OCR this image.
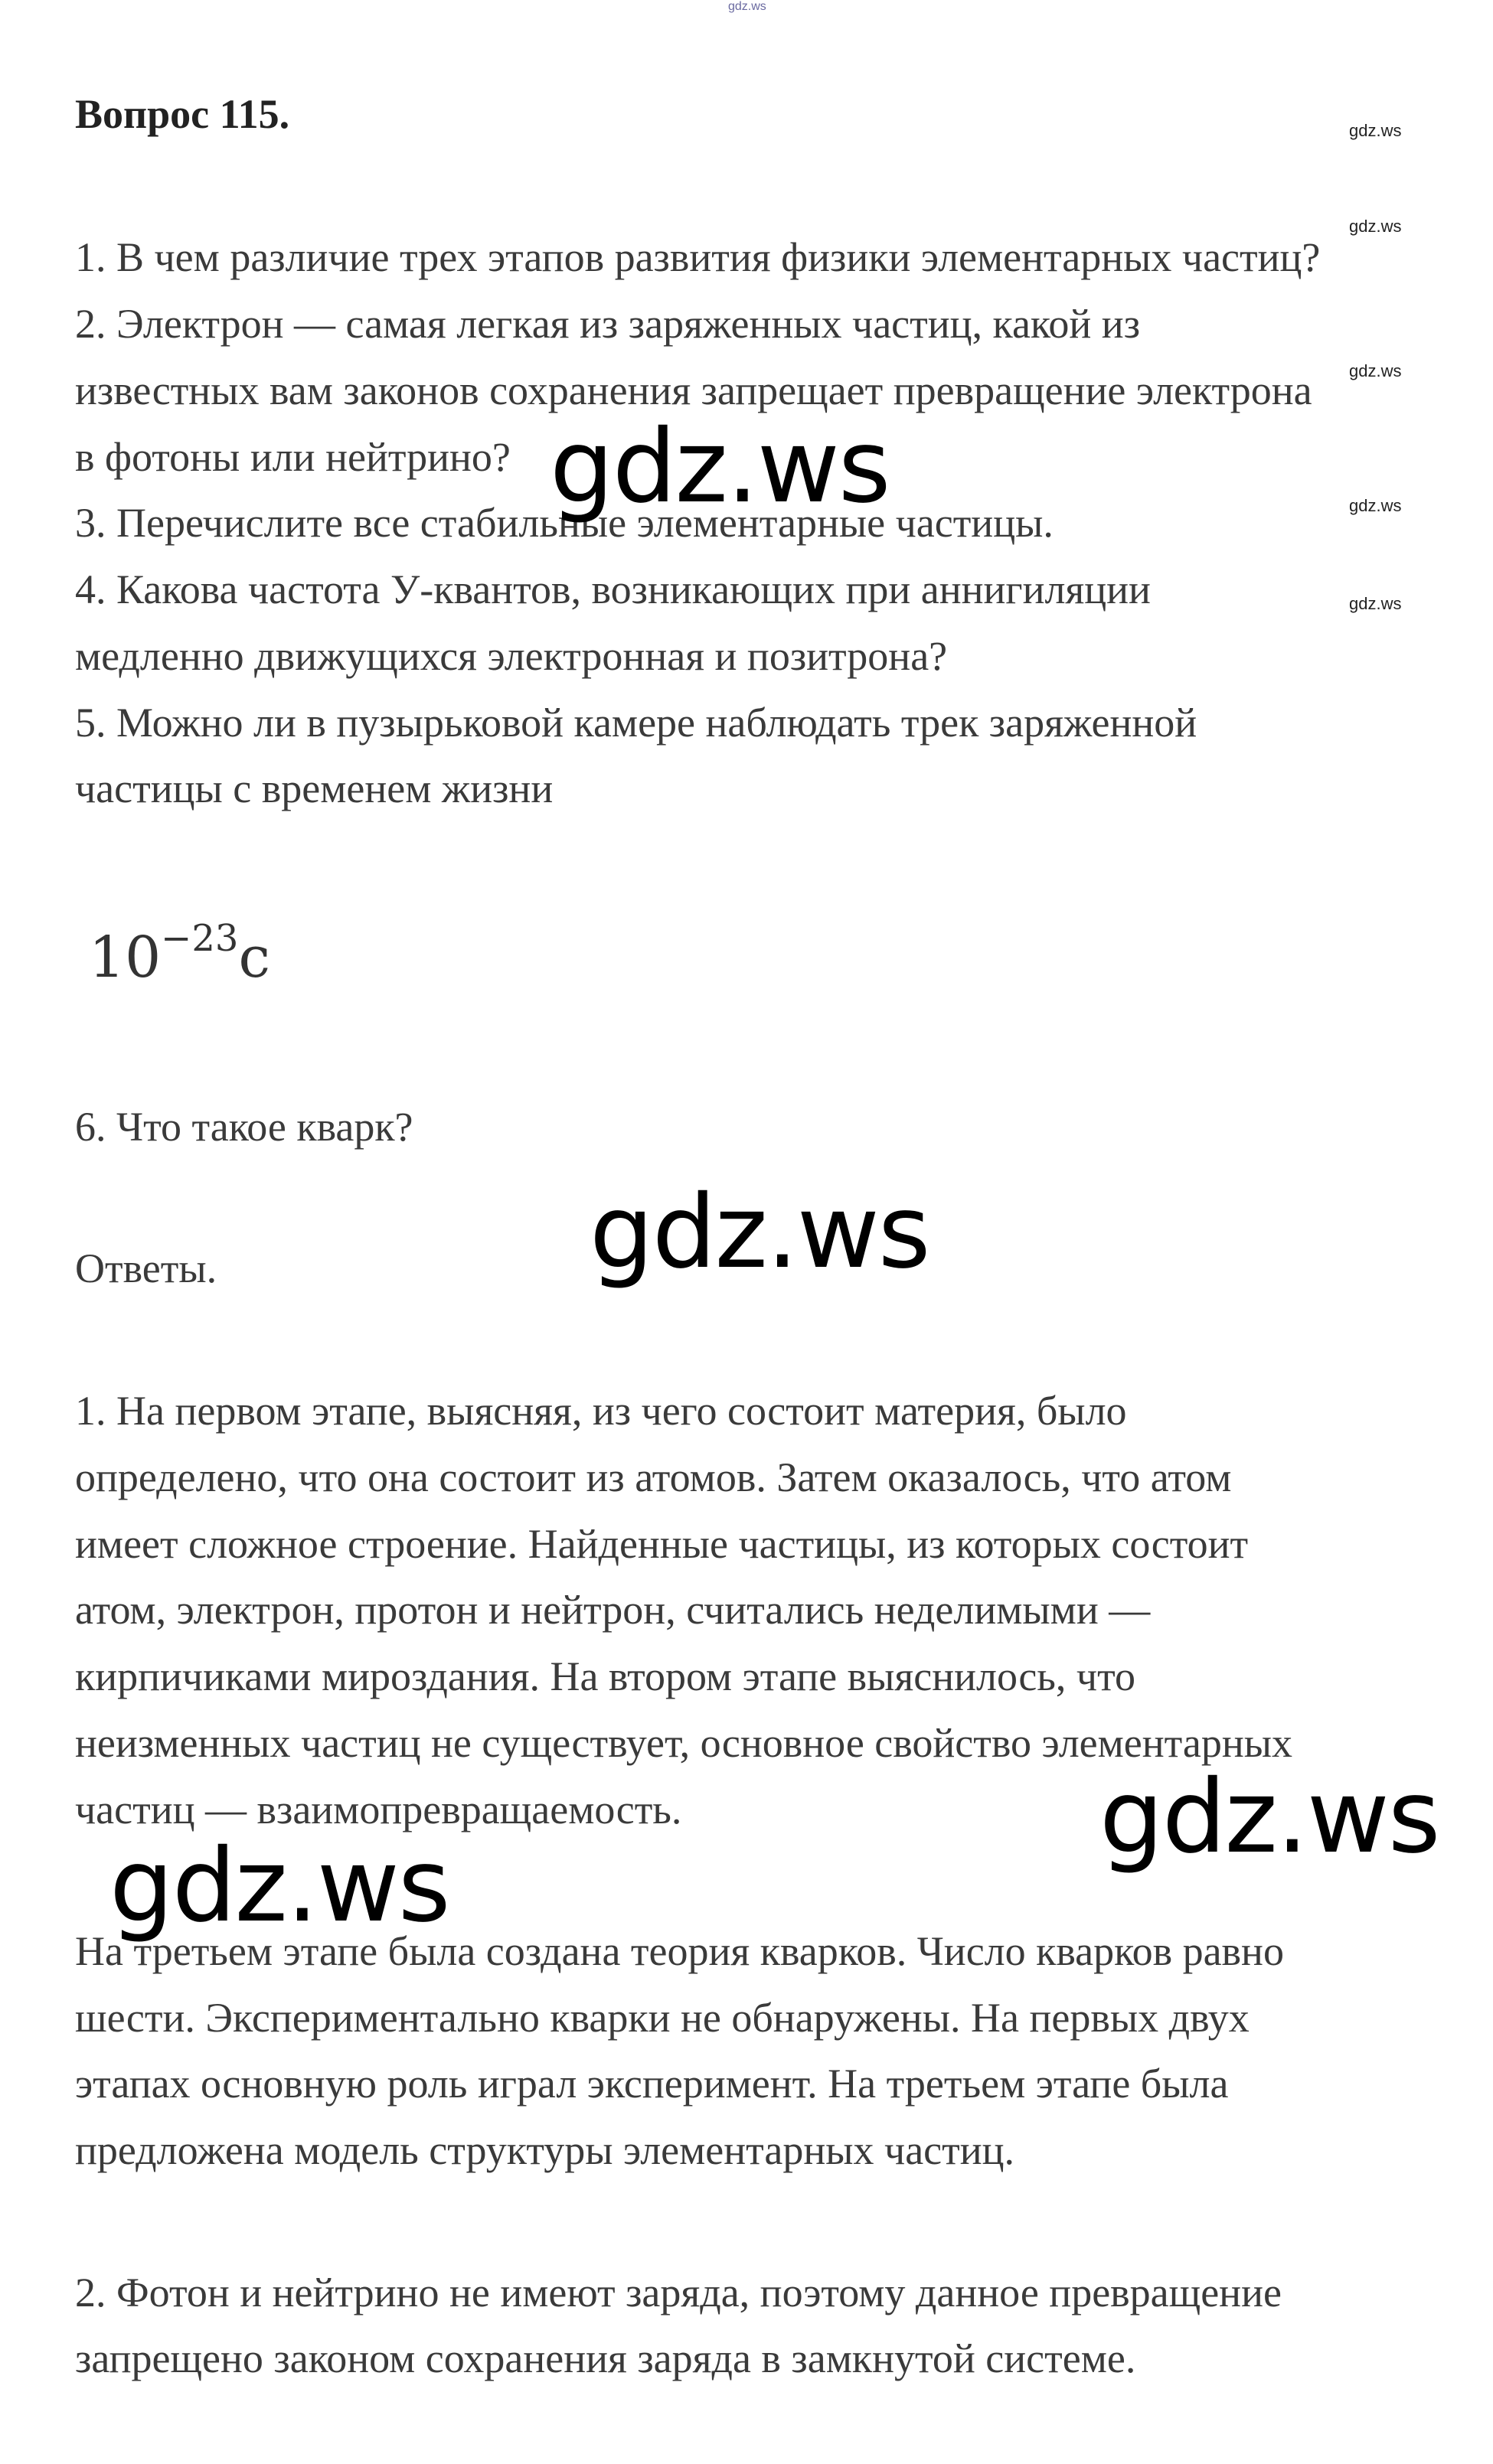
gdz.ws
Вопрос 115.	gdz.ws
gdz.ws
gdz.ws
gdz.ws
gdz.ws
1. В чем различие трех этапов развития физики элементарных частиц?
2. Электрон — самая легкая из заряженных частиц, какой из
известных вам законов сохранения запрещает превращение электрона
в фотоны или нейтрино?
3. Перечислите все стабильные элементарные частицы.
4. Какова частота У-квантов, возникающих при аннигиляции
медленно движущихся электронная и позитрона?
5. Можно ли в пузырьковой камере наблюдать трек заряженной
частицы с временем жизни
$10^{-23}с$
6. Что такое кварк?
Ответы.
1. На первом этапе, выясняя, из чего состоит материя, было
определено, что она состоит из атомов. Затем оказалось, что атом
имеет сложное строение. Найденные частицы, из которых состоит
атом, электрон, протон и нейтрон, считались неделимыми —
кирпичиками мироздания. На втором этапе выяснилось, что
неизменных частиц не существует, основное свойство элементарных
частиц — взаимопревращаемость.
На третьем этапе была создана теория кварков. Число кварков равно
шести. Экспериментально кварки не обнаружены. На первых двух
этапах основную роль играл эксперимент. На третьем этапе была
предложена модель структуры элементарных частиц.
2. Фотон и нейтрино не имеют заряда, поэтому данное превращение
запрещено законом сохранения заряда в замкнутой системе.
gdz.ws
gdz.ws
gdz.ws
gdz.ws
